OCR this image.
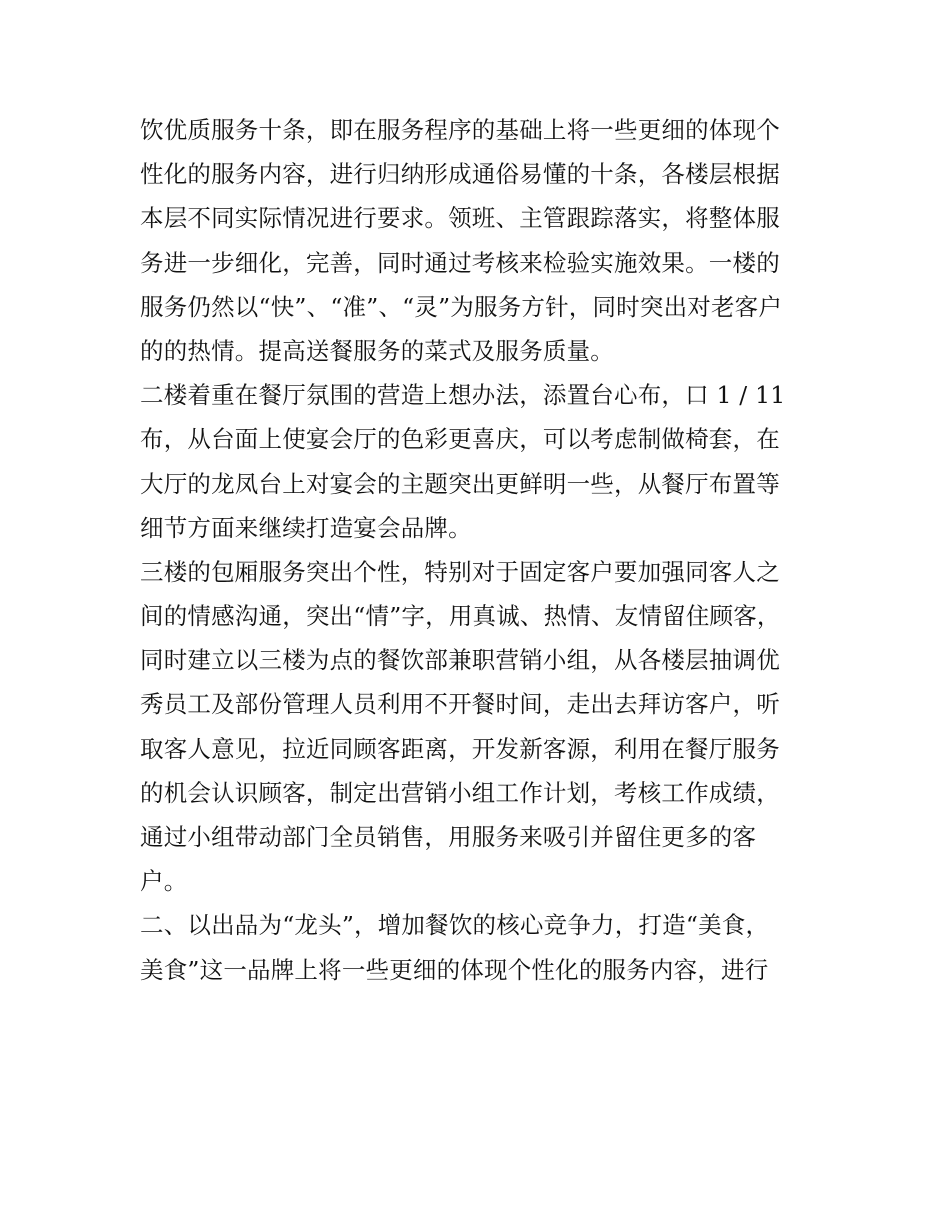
饮优质服务十条，即在服务程序的基础上将一些更细的体现个
性化的服务内容，进行归纳形成通俗易懂的十条，各楼层根据
本层不同实际情况进行要求。领班、主管跟踪落实，将整体服
务进一步细化，完善，同时通过考核来检验实施效果。一楼的
服务仍然以“快”、“准”、“灵”为服务方针，同时突出对老客户
的的热情。提高送餐服务的菜式及服务质量。

二楼着重在餐厅氛围的营造上想办法，添置台心布，口 1 / 11
布，从台面上使宴会厅的色彩更喜庆，可以考虑制做椅套，在
大厅的龙凤台上对宴会的主题突出更鲜明一些，从餐厅布置等
细节方面来继续打造宴会品牌。

三楼的包厢服务突出个性，特别对于固定客户要加强同客人之
间的情感沟通，突出“情”字，用真诚、热情、友情留住顾客，
同时建立以三楼为点的餐饮部兼职营销小组，从各楼层抽调优
秀员工及部份管理人员利用不开餐时间，走出去拜访客户，听
取客人意见，拉近同顾客距离，开发新客源，利用在餐厅服务
的机会认识顾客，制定出营销小组工作计划，考核工作成绩，
通过小组带动部门全员销售，用服务来吸引并留住更多的客
户。

二、以出品为“龙头”，增加餐饮的核心竞争力，打造“美食，
美食”这一品牌上将一些更细的体现个性化的服务内容，进行
